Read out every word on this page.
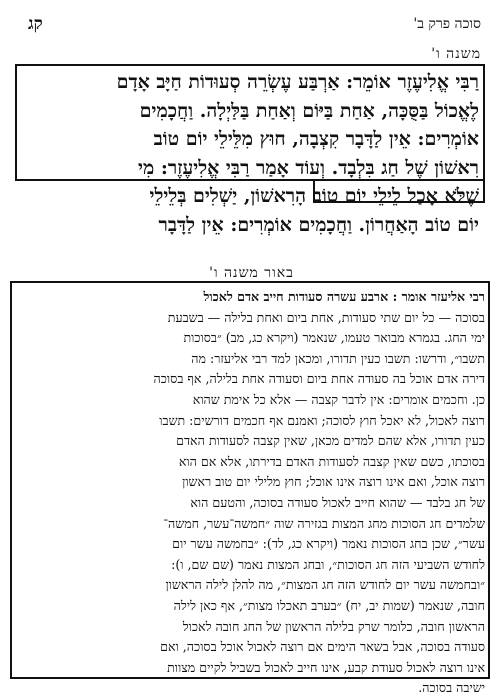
קג	סוכה פרק ב'
משנה ו'
רַבִּי אֱלִיעֶזֶר אוֹמֵר: אַרְבַּע עֶשְׂרֵה סְעוּדוֹת חַיָּב אָדָם
לֶאֱכוֹל בַּסֻּכָּה, אַחַת בַּיּוֹם וְאַחַת בַּלַּיְלָה. וַחֲכָמִים
אוֹמְרִים: אֵין לַדָּבָר קִצְבָה, חוּץ מִלֵּילֵי יוֹם טוֹב
רִאשׁוֹן שֶׁל חַג בִּלְבָד. וְעוֹד אָמַר רַבִּי אֱלִיעֶזֶר: מִי
שֶׁלֹּא אָכַל לֵילֵי יוֹם טוֹב הָרִאשׁוֹן, יַשְׁלִים בְּלֵילֵי
יוֹם טוֹב הָאַחֲרוֹן. וַחֲכָמִים אוֹמְרִים: אֵין לַדָּבָר
באור משנה ו'
רבי אליעזר אומר : ארבע עשרה סעודות חייב אדם לאכול
בסוכה — כל יום שתי סעודות, אחת ביום ואחת בלילה — בשבעת
ימי החג. בגמרא מבואר טעמו, שנאמר (ויקרא כג, מב) ״בסוכות
תשבו״, ודרשו: תשבו כעין תדורו, ומכאן למד רבי אליעזר: מה
דירה אדם אוכל בה סעודה אחת ביום וסעודה אחת בלילה, אף בסוכה
כן. וחכמים אומרים: אין לדבר קצבה — אלא כל אימת שהוא
רוצה לאכול, לא יאכל חוץ לסוכה; ואמנם אף חכמים דורשים: תשבו
כעין תדורו, אלא שהם למדים מכאן, שאין קצבה לסעודות האדם
בסוכתו, כשם שאין קצבה לסעודות האדם בדירתו, אלא אם הוא
רוצה אוכל, ואם אינו רוצה אינו אוכל; חוץ מלילי יום טוב ראשון
של חג בלבד — שהוא חייב לאכול סעודה בסוכה, והטעם הוא
שלמדים חג הסוכות מחג המצות בגזירה שוה ״חמשה־עשר, חמשה־
עשר״, שכן בחג הסוכות נאמר (ויקרא כג, לד): ״בחמשה עשר יום
לחודש השביעי הזה חג הסוכות״, ובחג המצות נאמר (שם שם, ו):
״ובחמשה עשר יום לחודש הזה חג המצות״, מה להלן לילה הראשון
חובה, שנאמר (שמות יב, יח) ״בערב תאכלו מצות״, אף כאן לילה
הראשון חובה, כלומר שרק בלילה הראשון של החג חובה לאכול
סעודה בסוכה, אבל בשאר הימים אם רוצה לאכול אוכל בסוכה, ואם
אינו רוצה לאכול סעודת קבע, אינו חייב לאכול בשביל לקיים מצוות
ישיבה בסוכה.
